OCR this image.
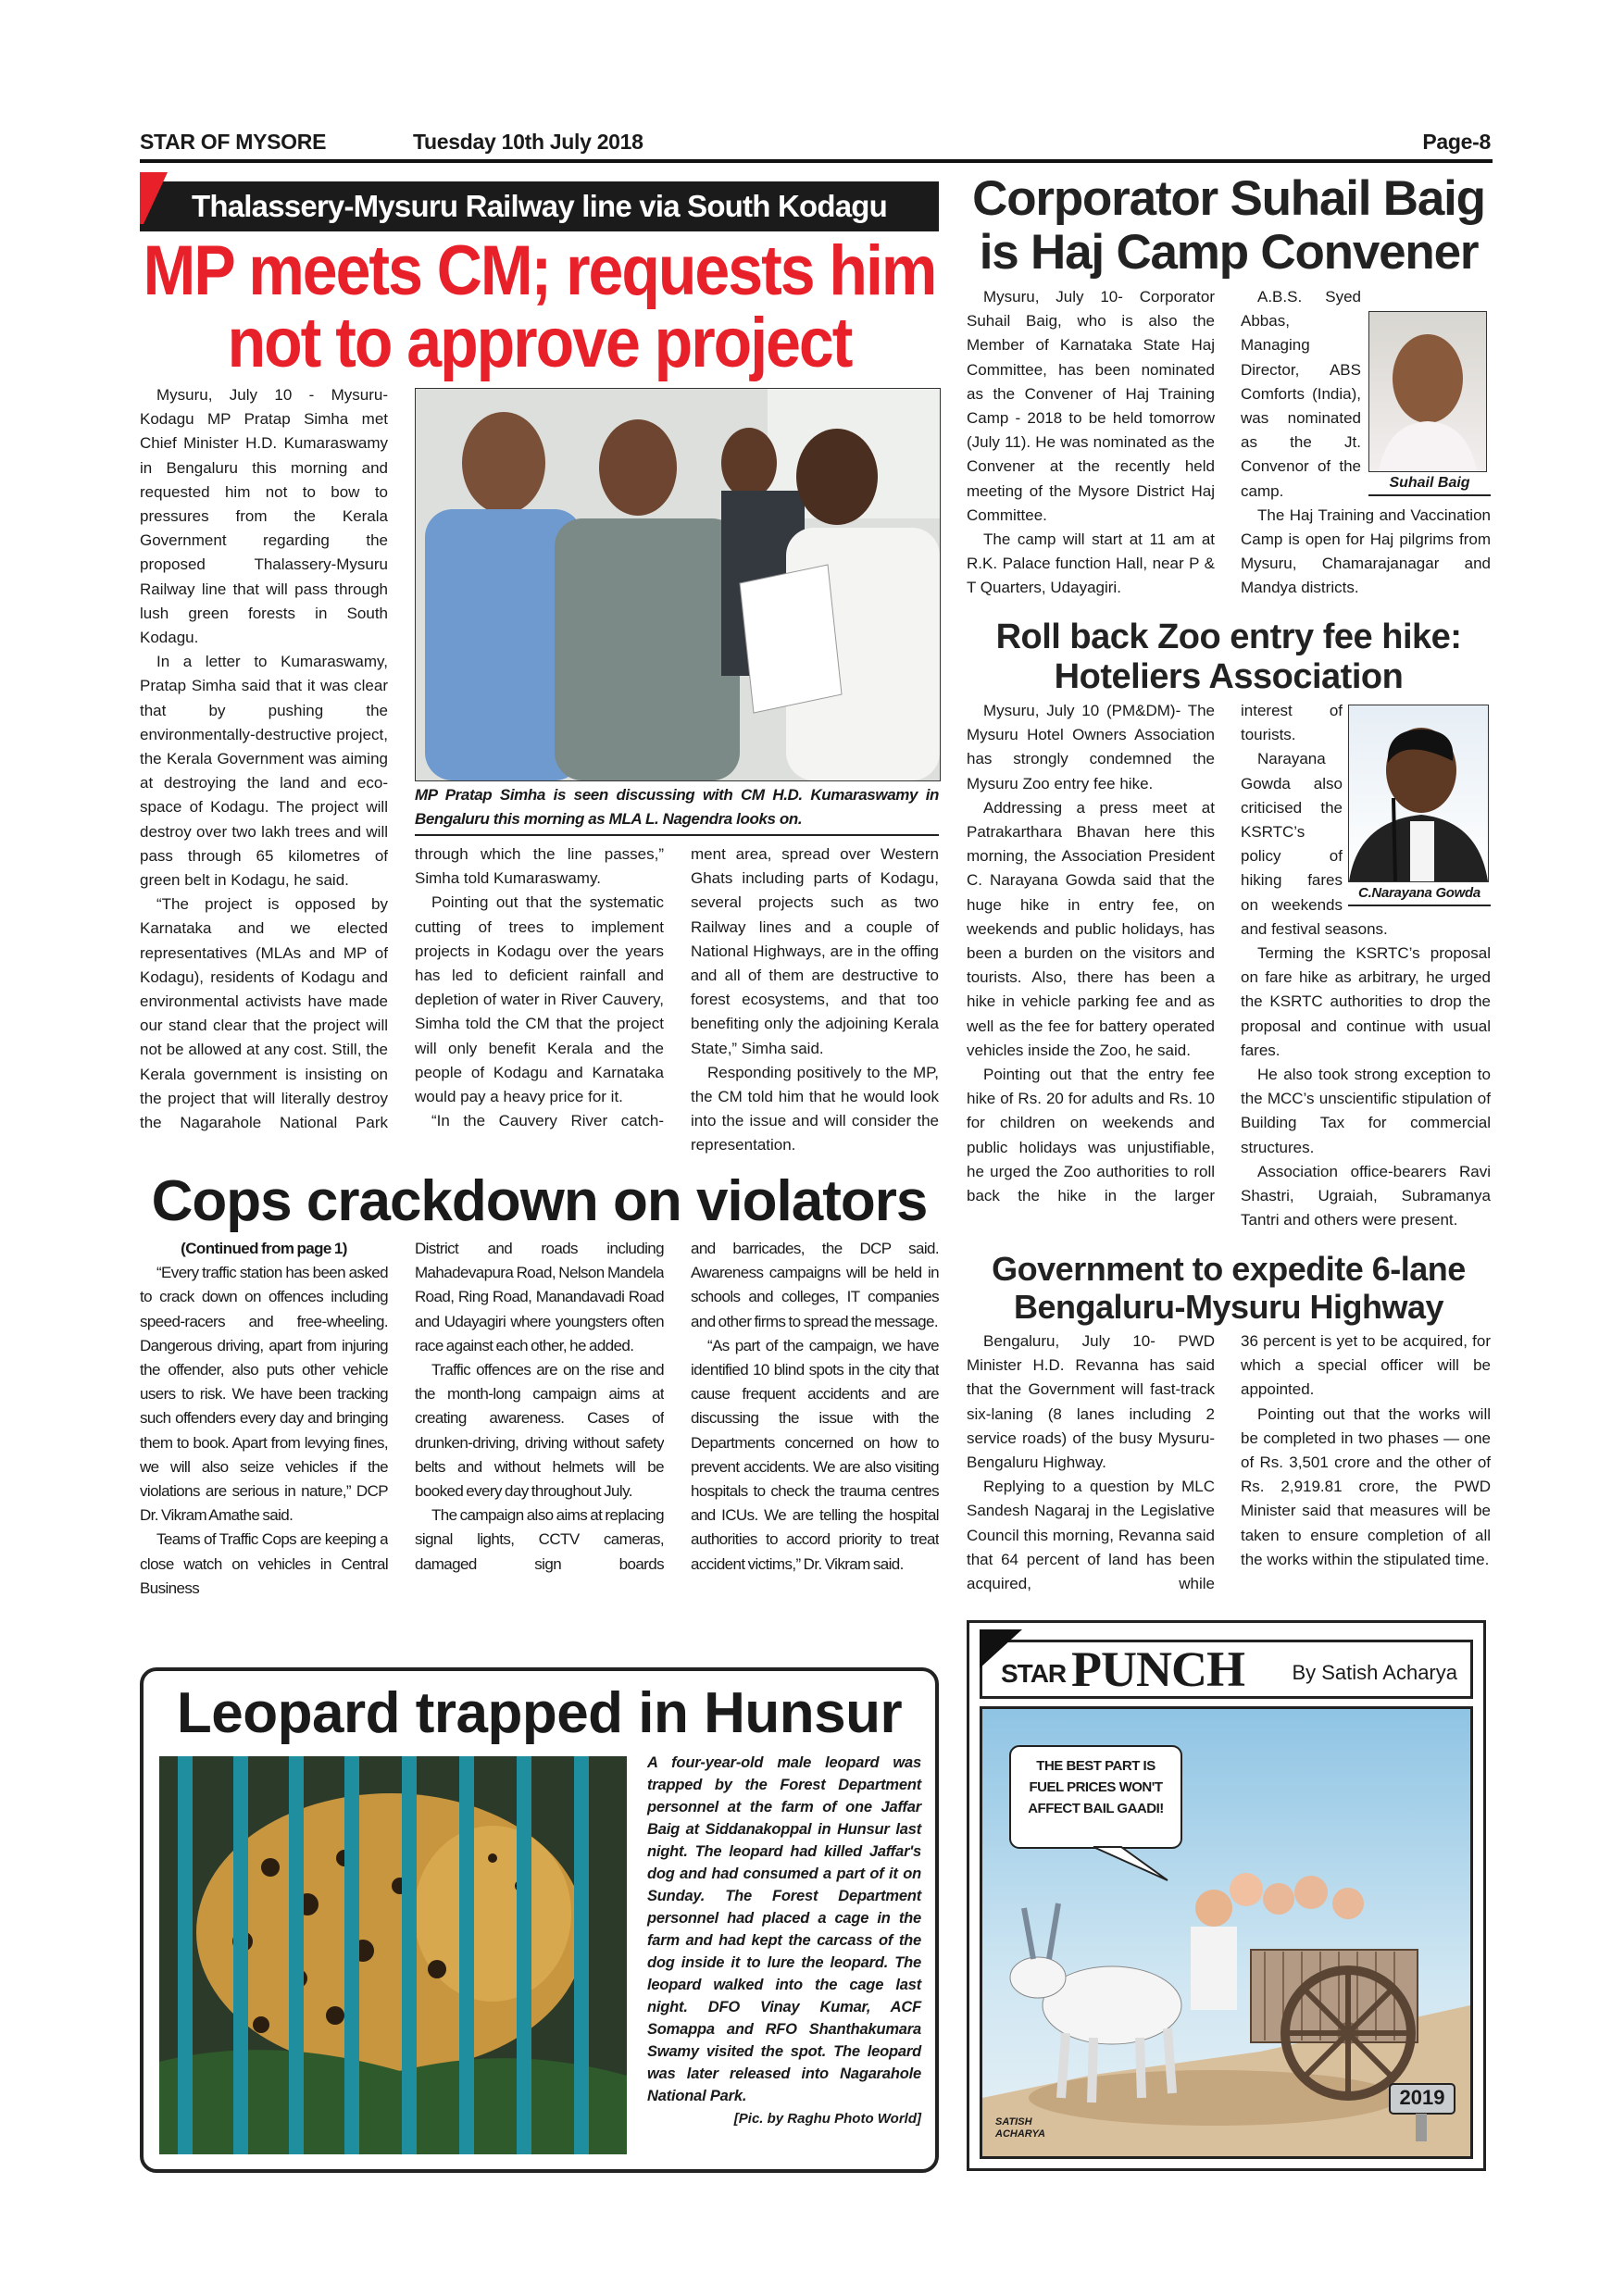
STAR OF MYSORE	Tuesday 10th July 2018	Page-8
Thalassery-Mysuru Railway line via South Kodagu
MP meets CM; requests him
not to approve project

Mysuru, July 10 - Mysuru-Kodagu MP Pratap Simha met Chief Minister H.D. Kumaraswamy in Bengaluru this morning and requested him not to bow to pressures from the Kerala Government regarding the proposed Thalassery-Mysuru Railway line that will pass through lush green forests in South Kodagu.

In a letter to Kumaraswamy, Pratap Simha said that it was clear that by pushing the environmentally-destructive project, the Kerala Government was aiming at destroying the land and eco-space of Kodagu. The project will destroy over two lakh trees and will pass through 65 kilometres of green belt in Kodagu, he said.

“The project is opposed by Karnataka and we elected representatives (MLAs and MP of Kodagu), residents of Kodagu and environmental activists have made our stand clear that the project will not be allowed at any cost. Still, the Kerala government is insisting on the project that will literally destroy the Nagarahole National Park

MP Pratap Simha is seen discussing with CM H.D. Kumaraswamy in Bengaluru this morning as MLA L. Nagendra looks on.

through which the line passes,” Simha told Kumaraswamy.

Pointing out that the systematic cutting of trees to implement projects in Kodagu over the years has led to deficient rainfall and depletion of water in River Cauvery, Simha told the CM that the project will only benefit Kerala and the people of Kodagu and Karnataka would pay a heavy price for it.

“In the Cauvery River catch-

ment area, spread over Western Ghats including parts of Kodagu, several projects such as two Railway lines and a couple of National Highways, are in the offing and all of them are destructive to forest ecosystems, and that too benefiting only the adjoining Kerala State,” Simha said.

Responding positively to the MP, the CM told him that he would look into the issue and will consider the representation.

Corporator Suhail Baig
is Haj Camp Convener

Mysuru, July 10- Corporator Suhail Baig, who is also the Member of Karnataka State Haj Committee, has been nominated as the Convener of Haj Training Camp - 2018 to be held tomorrow (July 11). He was nominated as the Convener at the recently held meeting of the Mysore District Haj Committee.

The camp will start at 11 am at R.K. Palace function Hall, near P & T Quarters, Udayagiri.

Suhail Baig

A.B.S. Syed Abbas, Managing Director, ABS Comforts (India), was nominated as the Jt. Convenor of the camp.

The Haj Training and Vaccination Camp is open for Haj pilgrims from Mysuru, Chamarajanagar and Mandya districts.

Roll back Zoo entry fee hike:
Hoteliers Association

Mysuru, July 10 (PM&DM)- The Mysuru Hotel Owners Association has strongly condemned the Mysuru Zoo entry fee hike.

Addressing a press meet at Patrakarthara Bhavan here this morning, the Association President C. Narayana Gowda said that the huge hike in entry fee, on weekends and public holidays, has been a burden on the visitors and tourists. Also, there has been a hike in vehicle parking fee and as well as the fee for battery operated vehicles inside the Zoo, he said.

Pointing out that the entry fee hike of Rs. 20 for adults and Rs. 10 for children on weekends and public holidays was unjustifiable, he urged the Zoo authorities to roll back the hike in the larger

C.Narayana Gowda

interest of tourists.

Narayana Gowda also criticised the KSRTC’s policy of hiking fares on weekends and festival seasons.

Terming the KSRTC’s proposal on fare hike as arbitrary, he urged the KSRTC authorities to drop the proposal and continue with usual fares.

He also took strong exception to the MCC’s unscientific stipulation of Building Tax for commercial structures.

Association office-bearers Ravi Shastri, Ugraiah, Subramanya Tantri and others were present.

Cops crackdown on violators

(Continued from page 1)

“Every traffic station has been asked to crack down on offences including speed-racers and free-wheeling. Dangerous driving, apart from injuring the offender, also puts other vehicle users to risk. We have been tracking such offenders every day and bringing them to book. Apart from levying fines, we will also seize vehicles if the violations are serious in nature,” DCP Dr. Vikram Amathe said.

Teams of Traffic Cops are keeping a close watch on vehicles in Central Business

District and roads including Mahadevapura Road, Nelson Mandela Road, Ring Road, Manandavadi Road and Udayagiri where youngsters often race against each other, he added.

Traffic offences are on the rise and the month-long campaign aims at creating awareness. Cases of drunken-driving, driving without safety belts and without helmets will be booked every day throughout July.

The campaign also aims at replacing signal lights, CCTV cameras, damaged sign boards

and barricades, the DCP said. Awareness campaigns will be held in schools and colleges, IT companies and other firms to spread the message.

“As part of the campaign, we have identified 10 blind spots in the city that cause frequent accidents and are discussing the issue with the Departments concerned on how to prevent accidents. We are also visiting hospitals to check the trauma centres and ICUs. We are telling the hospital authorities to accord priority to treat accident victims,” Dr. Vikram said.

Government to expedite 6-lane
Bengaluru-Mysuru Highway

Bengaluru, July 10- PWD Minister H.D. Revanna has said that the Government will fast-track six-laning (8 lanes including 2 service roads) of the busy Mysuru-Bengaluru Highway.

Replying to a question by MLC Sandesh Nagaraj in the Legislative Council this morning, Revanna said that 64 percent of land has been acquired, while

36 percent is yet to be acquired, for which a special officer will be appointed.

Pointing out that the works will be completed in two phases — one of Rs. 3,501 crore and the other of Rs. 2,919.81 crore, the PWD Minister said that measures will be taken to ensure completion of all the works within the stipulated time.

Leopard trapped in Hunsur
A four-year-old male leopard was trapped by the Forest Department personnel at the farm of one Jaffar Baig at Siddanakoppal in Hunsur last night. The leopard had killed Jaffar's dog and had consumed a part of it on Sunday. The Forest Department personnel had placed a cage in the farm and had kept the carcass of the dog inside it to lure the leopard. The leopard walked into the cage last night. DFO Vinay Kumar, ACF Somappa and RFO Shanthakumara Swamy visited the spot. The leopard was later released into Nagarahole National Park.
[Pic. by Raghu Photo World]
STAR PUNCH By Satish Acharya
THE BEST PART IS FUEL PRICES WON'T AFFECT BAIL GAADI!
2019
SATISH ACHARYA
